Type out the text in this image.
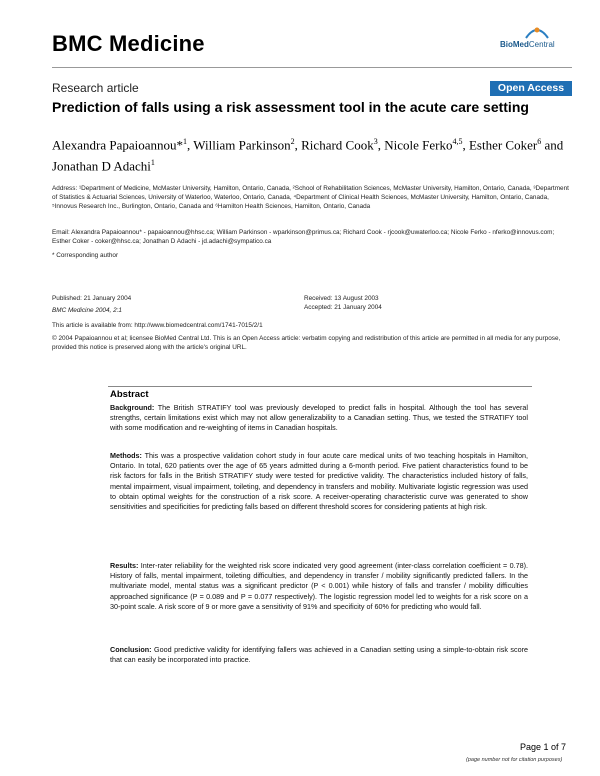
BMC Medicine	BioMedCentral
Research article	Open Access
Prediction of falls using a risk assessment tool in the acute care setting
Alexandra Papaioannou*$^1$, William Parkinson$^2$, Richard Cook$^3$, Nicole Ferko$^{4,5}$, Esther Coker$^6$ and Jonathan D Adachi$^1$
Address: ¹Department of Medicine, McMaster University, Hamilton, Ontario, Canada, ²School of Rehabilitation Sciences, McMaster University, Hamilton, Ontario, Canada, ³Department of Statistics & Actuarial Sciences, University of Waterloo, Waterloo, Ontario, Canada, ⁴Department of Clinical Health Sciences, McMaster University, Hamilton, Ontario, Canada, ⁵Innovus Research Inc., Burlington, Ontario, Canada and ⁶Hamilton Health Sciences, Hamilton, Ontario, Canada
Email: Alexandra Papaioannou* - papaioannou@hhsc.ca; William Parkinson - wparkinson@primus.ca; Richard Cook - rjcook@uwaterloo.ca; Nicole Ferko - nferko@innovus.com; Esther Coker - coker@hhsc.ca; Jonathan D Adachi - jd.adachi@sympatico.ca
* Corresponding author
Published: 21 January 2004
BMC Medicine 2004, 2:1
Received: 13 August 2003
Accepted: 21 January 2004
This article is available from: http://www.biomedcentral.com/1741-7015/2/1
© 2004 Papaioannou et al; licensee BioMed Central Ltd. This is an Open Access article: verbatim copying and redistribution of this article are permitted in all media for any purpose, provided this notice is preserved along with the article's original URL.
Abstract
Background: The British STRATIFY tool was previously developed to predict falls in hospital. Although the tool has several strengths, certain limitations exist which may not allow generalizability to a Canadian setting. Thus, we tested the STRATIFY tool with some modification and re-weighting of items in Canadian hospitals.
Methods: This was a prospective validation cohort study in four acute care medical units of two teaching hospitals in Hamilton, Ontario. In total, 620 patients over the age of 65 years admitted during a 6-month period. Five patient characteristics found to be risk factors for falls in the British STRATIFY study were tested for predictive validity. The characteristics included history of falls, mental impairment, visual impairment, toileting, and dependency in transfers and mobility. Multivariate logistic regression was used to obtain optimal weights for the construction of a risk score. A receiver-operating characteristic curve was generated to show sensitivities and specificities for predicting falls based on different threshold scores for considering patients at high risk.
Results: Inter-rater reliability for the weighted risk score indicated very good agreement (inter-class correlation coefficient = 0.78). History of falls, mental impairment, toileting difficulties, and dependency in transfer / mobility significantly predicted fallers. In the multivariate model, mental status was a significant predictor (P < 0.001) while history of falls and transfer / mobility difficulties approached significance (P = 0.089 and P = 0.077 respectively). The logistic regression model led to weights for a risk score on a 30-point scale. A risk score of 9 or more gave a sensitivity of 91% and specificity of 60% for predicting who would fall.
Conclusion: Good predictive validity for identifying fallers was achieved in a Canadian setting using a simple-to-obtain risk score that can easily be incorporated into practice.
Page 1 of 7
(page number not for citation purposes)
